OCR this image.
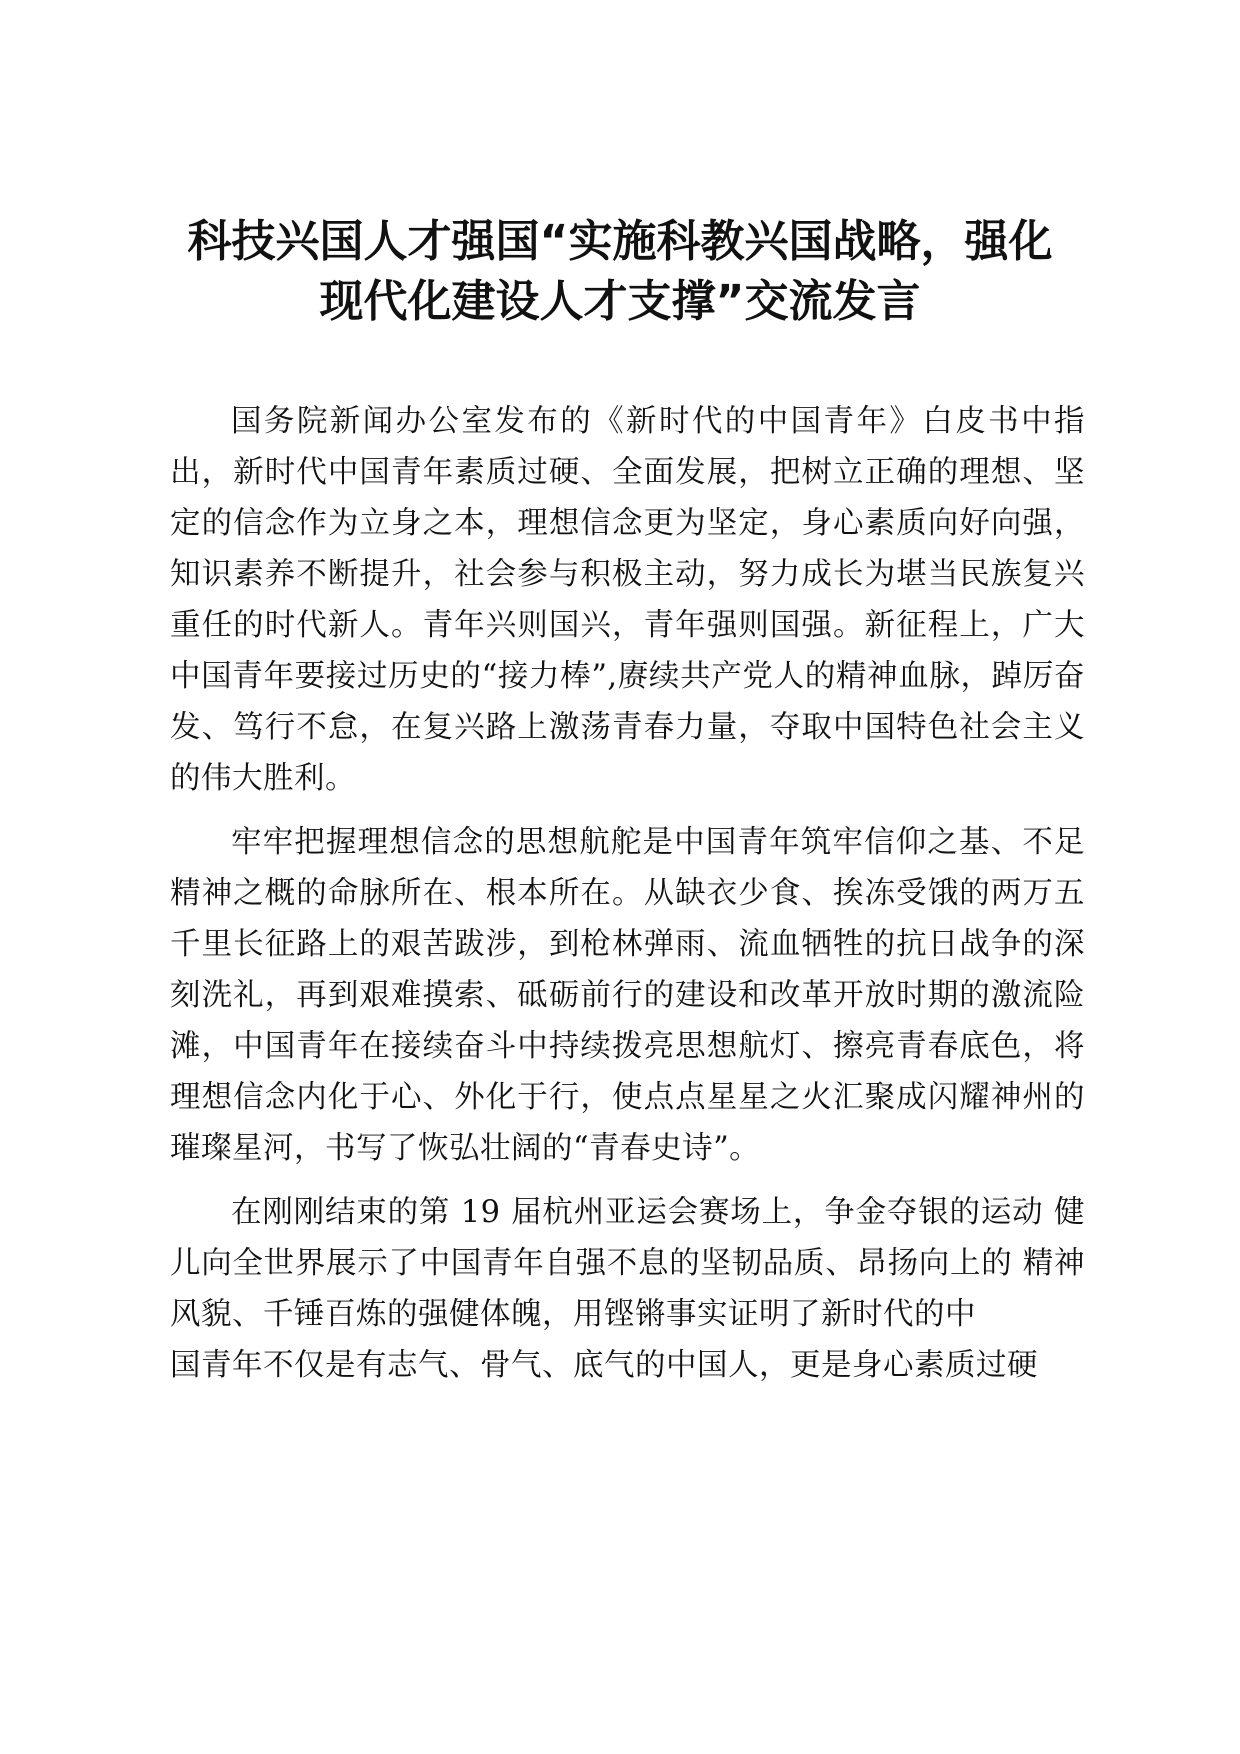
科技兴国人才强国“实施科教兴国战略，强化
现代化建设人才支撑”交流发言

国务院新闻办公室发布的《新时代的中国青年》白皮书中指出，新时代中国青年素质过硬、全面发展，把树立正确的理想、坚定的信念作为立身之本，理想信念更为坚定，身心素质向好向强，知识素养不断提升，社会参与积极主动，努力成长为堪当民族复兴重任的时代新人。青年兴则国兴，青年强则国强。新征程上，广大中国青年要接过历史的“接力棒”,赓续共产党人的精神血脉，踔厉奋发、笃行不怠，在复兴路上激荡青春力量，夺取中国特色社会主义的伟大胜利。

牢牢把握理想信念的思想航舵是中国青年筑牢信仰之基、不足精神之概的命脉所在、根本所在。从缺衣少食、挨冻受饿的两万五千里长征路上的艰苦跋涉，到枪林弹雨、流血牺牲的抗日战争的深刻洗礼，再到艰难摸索、砥砺前行的建设和改革开放时期的激流险滩，中国青年在接续奋斗中持续拨亮思想航灯、擦亮青春底色，将理想信念内化于心、外化于行，使点点星星之火汇聚成闪耀神州的璀璨星河，书写了恢弘壮阔的“青春史诗”。

在刚刚结束的第 19 届杭州亚运会赛场上，争金夺银的运动 健儿向全世界展示了中国青年自强不息的坚韧品质、昂扬向上的 精神风貌、千锤百炼的强健体魄，用铿锵事实证明了新时代的中

国青年不仅是有志气、骨气、底气的中国人，更是身心素质过硬
